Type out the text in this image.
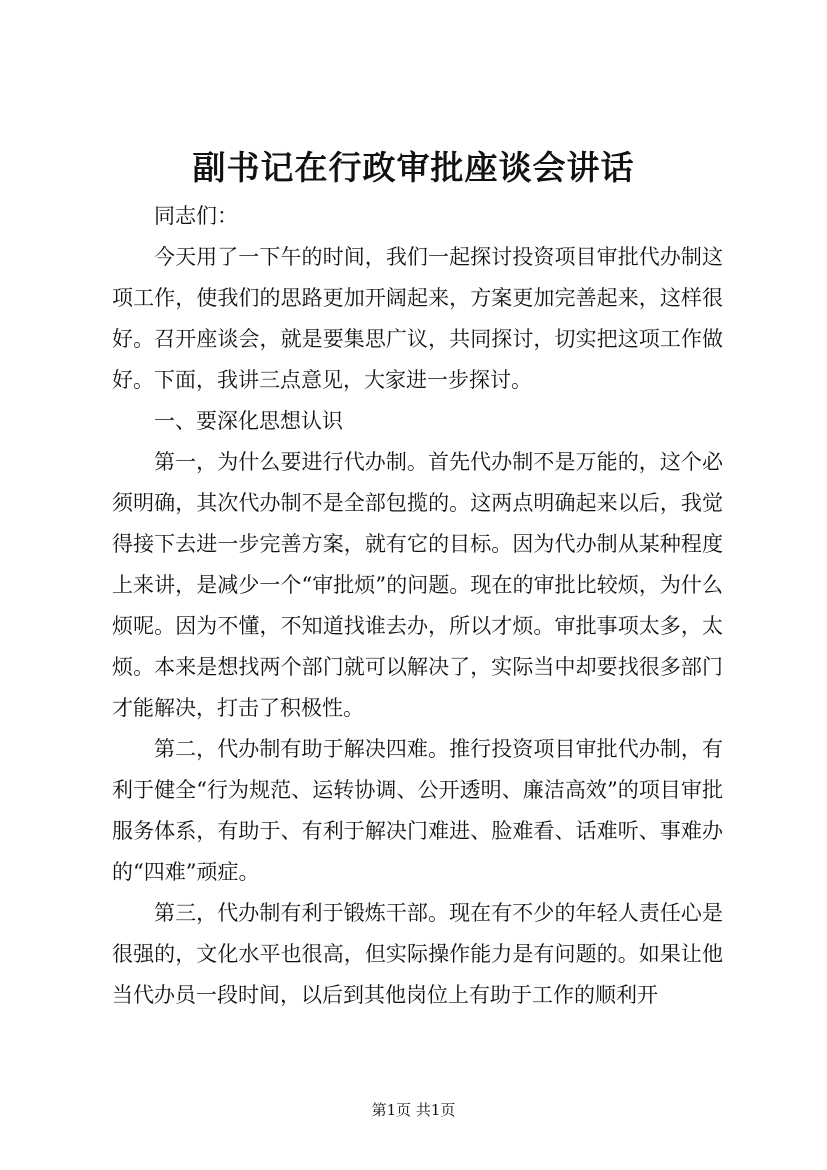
副书记在行政审批座谈会讲话

同志们：

今天用了一下午的时间，我们一起探讨投资项目审批代办制这项工作，使我们的思路更加开阔起来，方案更加完善起来，这样很好。召开座谈会，就是要集思广议，共同探讨，切实把这项工作做好。下面，我讲三点意见，大家进一步探讨。

一、要深化思想认识

第一，为什么要进行代办制。首先代办制不是万能的，这个必须明确，其次代办制不是全部包揽的。这两点明确起来以后，我觉得接下去进一步完善方案，就有它的目标。因为代办制从某种程度上来讲，是减少一个“审批烦”的问题。现在的审批比较烦，为什么烦呢。因为不懂，不知道找谁去办，所以才烦。审批事项太多，太烦。本来是想找两个部门就可以解决了，实际当中却要找很多部门才能解决，打击了积极性。

第二，代办制有助于解决四难。推行投资项目审批代办制，有利于健全“行为规范、运转协调、公开透明、廉洁高效”的项目审批服务体系，有助于、有利于解决门难进、脸难看、话难听、事难办的“四难”顽症。

第三，代办制有利于锻炼干部。现在有不少的年轻人责任心是很强的，文化水平也很高，但实际操作能力是有问题的。如果让他当代办员一段时间，以后到其他岗位上有助于工作的顺利开

第1页 共1页
